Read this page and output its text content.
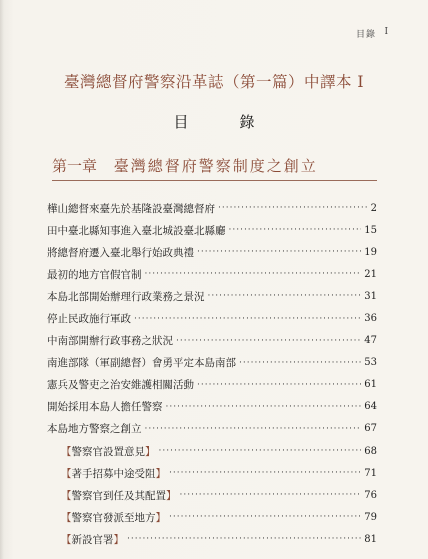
目錄 I
臺灣總督府警察沿革誌（第一篇）中譯本 I
目　錄
第一章 臺灣總督府警察制度之創立
樺山總督來臺先於基隆設臺灣總督府 ·····	2
田中臺北縣知事進入臺北城設臺北縣廳 ·····	15
將總督府遷入臺北舉行始政典禮 ·····	19
最初的地方官假官制 ·····	21
本島北部開始辦理行政業務之景況 ·····	31
停止民政施行軍政 ·····	36
中南部開辦行政事務之狀況 ·····	47
南進部隊（軍副總督）會勇平定本島南部 ·····	53
憲兵及警吏之治安維護相關活動 ·····	61
開始採用本島人擔任警察 ·····	64
本島地方警察之創立 ·····	67
【警察官設置意見】 ·····	68
【著手招募中途受阻】 ·····	71
【警察官到任及其配置】 ·····	76
【警察官發派至地方】 ·····	79
【新設官署】 ·····	81
